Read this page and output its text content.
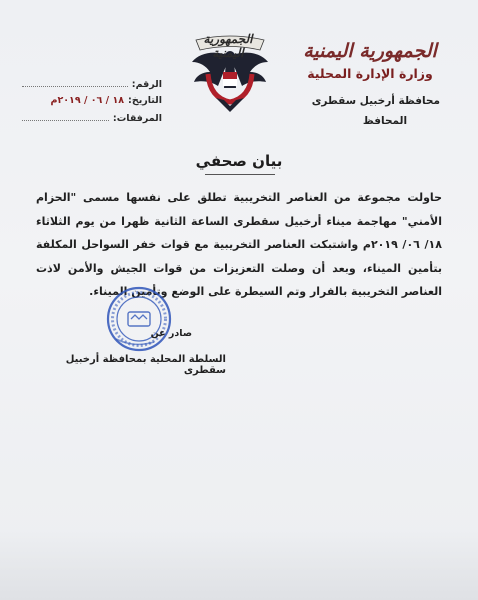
الجمهورية اليمنية
وزارة الإدارة المحلية
محافظة أرخبيل سقطرى
المحافظ
الجمهورية اليمنية
الرقم:
التاريخ:
١٨ / ٠٦ / ٢٠١٩م
المرفقات:
بيان صحفي
حاولت مجموعة من العناصر التخريبية تطلق على نفسها مسمى "الحزام الأمني" مهاجمة ميناء أرخبيل سقطرى الساعة الثانية ظهرا من يوم الثلاثاء ١٨/ ٠٦/ ٢٠١٩م واشتبكت العناصر التخريبية مع قوات خفر السواحل المكلفة بتأمين الميناء، وبعد أن وصلت التعزيزات من قوات الجيش والأمن لاذت العناصر التخريبية بالفرار وتم السيطرة على الوضع وتأمين الميناء.
صادر عن
السلطة المحلية بمحافظة أرخبيل سقطرى
